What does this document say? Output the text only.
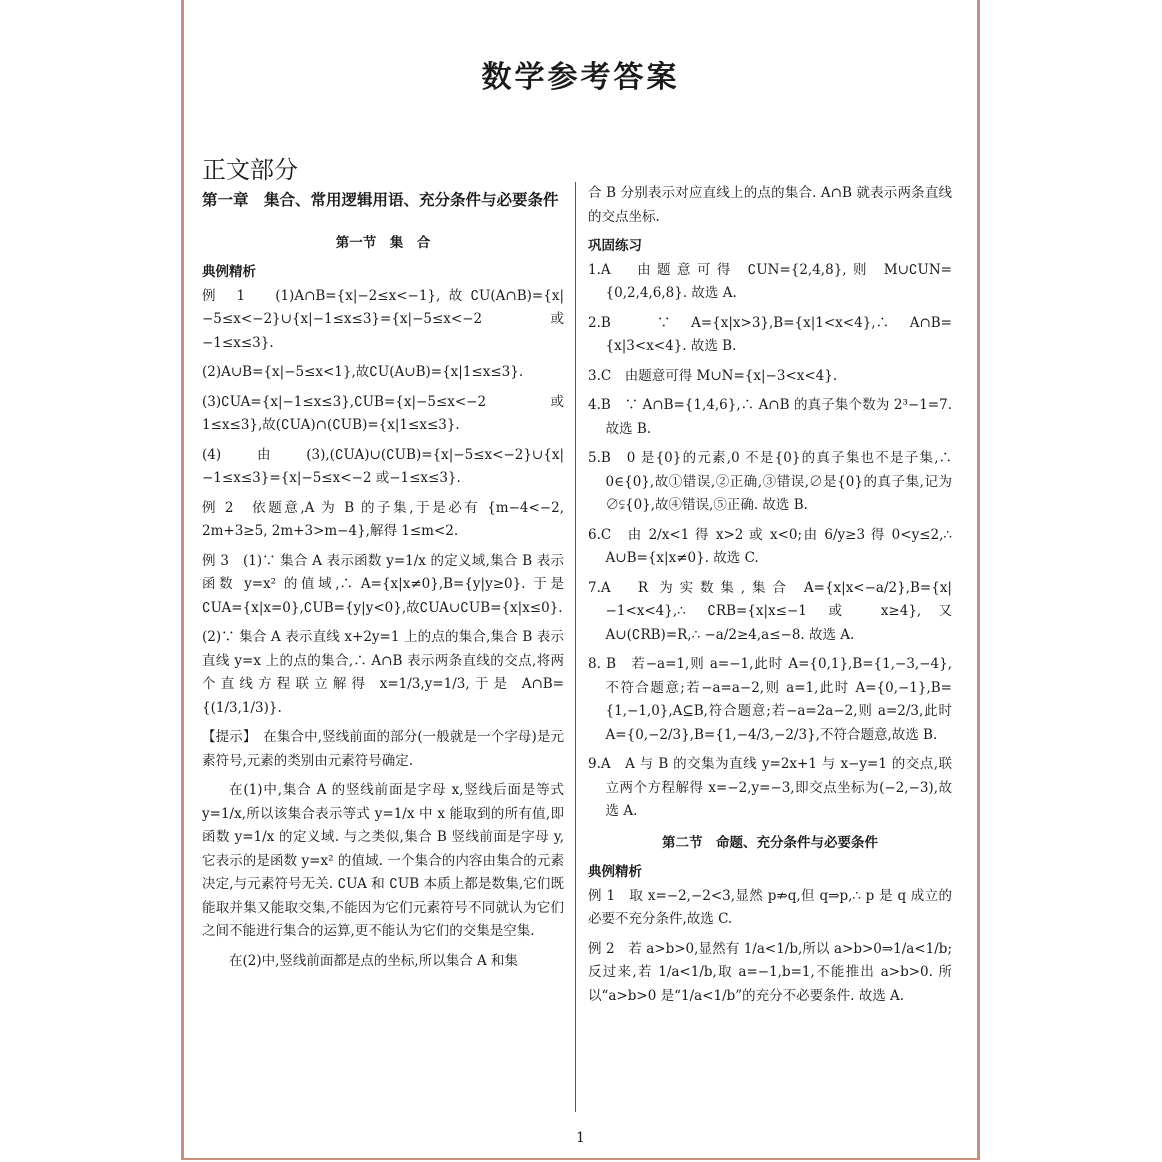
数学参考答案
正文部分
第一章　集合、常用逻辑用语、充分条件与必要条件
第一节　集　合
典例精析

例 1　(1)A∩B={x|−2≤x<−1},故∁U(A∩B)={x|−5≤x<−2}∪{x|−1≤x≤3}={x|−5≤x<−2 或 −1≤x≤3}.

(2)A∪B={x|−5≤x<1},故∁U(A∪B)={x|1≤x≤3}.

(3)∁UA={x|−1≤x≤3},∁UB={x|−5≤x<−2 或 1≤x≤3},故(∁UA)∩(∁UB)={x|1≤x≤3}.

(4)由(3),(∁UA)∪(∁UB)={x|−5≤x<−2}∪{x|−1≤x≤3}={x|−5≤x<−2 或−1≤x≤3}.

例 2　依题意,A 为 B 的子集,于是必有 {m−4<−2, 2m+3≥5, 2m+3>m−4},解得 1≤m<2.

例 3　(1)∵ 集合 A 表示函数 y=1/x 的定义域,集合 B 表示函数 y=x² 的值域,∴ A={x|x≠0},B={y|y≥0}. 于是∁UA={x|x=0},∁UB={y|y<0},故∁UA∪∁UB={x|x≤0}.

(2)∵ 集合 A 表示直线 x+2y=1 上的点的集合,集合 B 表示直线 y=x 上的点的集合,∴ A∩B 表示两条直线的交点,将两个直线方程联立解得 x=1/3,y=1/3,于是 A∩B={(1/3,1/3)}.

【提示】　在集合中,竖线前面的部分(一般就是一个字母)是元素符号,元素的类别由元素符号确定.

在(1)中,集合 A 的竖线前面是字母 x,竖线后面是等式 y=1/x,所以该集合表示等式 y=1/x 中 x 能取到的所有值,即函数 y=1/x 的定义域. 与之类似,集合 B 竖线前面是字母 y,它表示的是函数 y=x² 的值域. 一个集合的内容由集合的元素决定,与元素符号无关. ∁UA 和 ∁UB 本质上都是数集,它们既能取并集又能取交集,不能因为它们元素符号不同就认为它们之间不能进行集合的运算,更不能认为它们的交集是空集.

在(2)中,竖线前面都是点的坐标,所以集合 A 和集

合 B 分别表示对应直线上的点的集合. A∩B 就表示两条直线的交点坐标.

巩固练习

1.A　由题意可得 ∁UN={2,4,8},则 M∪∁UN={0,2,4,6,8}. 故选 A.

2.B　∵ A={x|x>3},B={x|1<x<4},∴ A∩B={x|3<x<4}. 故选 B.

3.C　由题意可得 M∪N={x|−3<x<4}.

4.B　∵ A∩B={1,4,6},∴ A∩B 的真子集个数为 2³−1=7. 故选 B.

5.B　0 是{0}的元素,0 不是{0}的真子集也不是子集,∴ 0∈{0},故①错误,②正确,③错误,∅是{0}的真子集,记为∅⫋{0},故④错误,⑤正确. 故选 B.

6.C　由 2/x<1 得 x>2 或 x<0;由 6/y≥3 得 0<y≤2,∴ A∪B={x|x≠0}. 故选 C.

7.A　R 为实数集,集合 A={x|x<−a/2},B={x|−1<x<4},∴ ∁RB={x|x≤−1 或 x≥4},又 A∪(∁RB)=R,∴ −a/2≥4,a≤−8. 故选 A.

8. B　若−a=1,则 a=−1,此时 A={0,1},B={1,−3,−4},不符合题意;若−a=a−2,则 a=1,此时 A={0,−1},B={1,−1,0},A⊆B,符合题意;若−a=2a−2,则 a=2/3,此时 A={0,−2/3},B={1,−4/3,−2/3},不符合题意,故选 B.

9.A　A 与 B 的交集为直线 y=2x+1 与 x−y=1 的交点,联立两个方程解得 x=−2,y=−3,即交点坐标为(−2,−3),故选 A.

第二节　命题、充分条件与必要条件
典例精析

例 1　取 x=−2,−2<3,显然 p⇏q,但 q⇒p,∴ p 是 q 成立的必要不充分条件,故选 C.

例 2　若 a>b>0,显然有 1/a<1/b,所以 a>b>0⇒1/a<1/b;反过来,若 1/a<1/b,取 a=−1,b=1,不能推出 a>b>0. 所以“a>b>0 是“1/a<1/b”的充分不必要条件. 故选 A.

1
